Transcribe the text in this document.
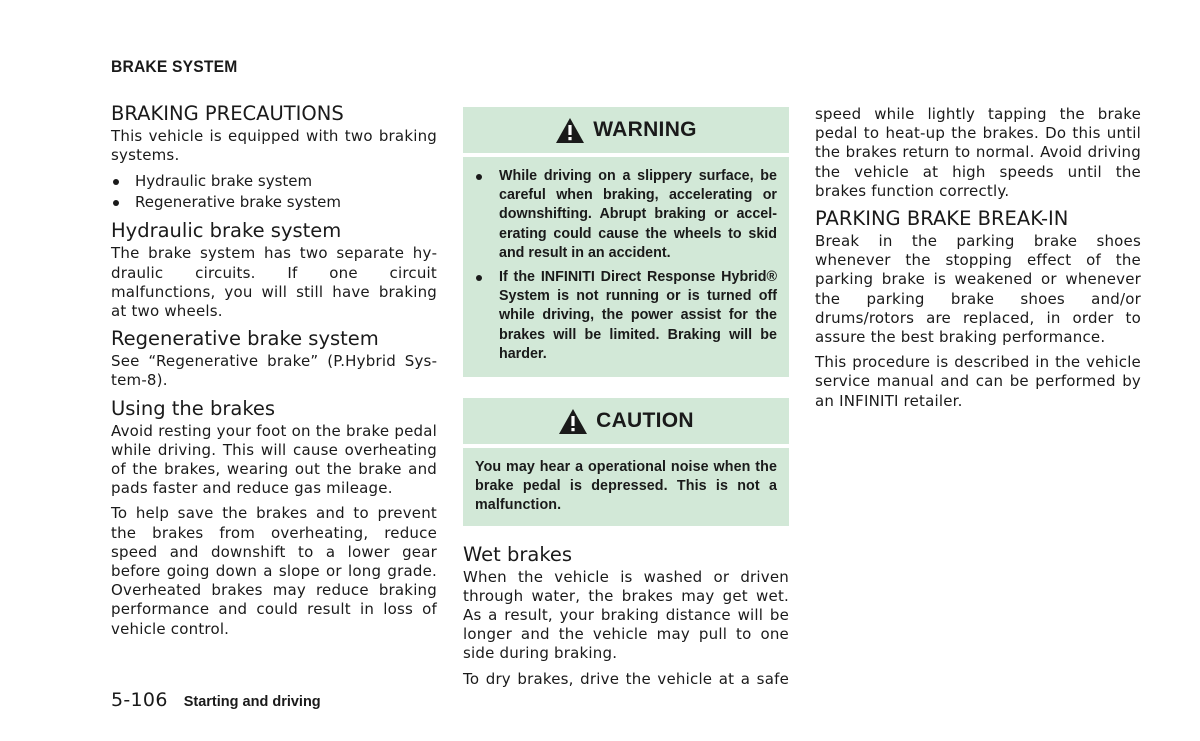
BRAKE SYSTEM
BRAKING PRECAUTIONS

This vehicle is equipped with two braking systems.

Hydraulic brake system
Regenerative brake system
Hydraulic brake system

The brake system has two separate hydraulic circuits. If one circuit malfunctions, you will still have braking at two wheels.

Regenerative brake system

See “Regenerative brake” (P.Hybrid System-8).

Using the brakes

Avoid resting your foot on the brake pedal while driving. This will cause overheating of the brakes, wearing out the brake and pads faster and reduce gas mileage.

To help save the brakes and to prevent the brakes from overheating, reduce speed and downshift to a lower gear before going down a slope or long grade. Overheated brakes may reduce braking performance and could result in loss of vehicle control.

WARNING
While driving on a slippery surface, be careful when braking, accelerating or downshifting. Abrupt braking or accelerating could cause the wheels to skid and result in an accident.
If the INFINITI Direct Response Hybrid® System is not running or is turned off while driving, the power assist for the brakes will be limited. Braking will be harder.
CAUTION

You may hear a operational noise when the brake pedal is depressed. This is not a malfunction.

Wet brakes

When the vehicle is washed or driven through water, the brakes may get wet. As a result, your braking distance will be longer and the vehicle may pull to one side during braking.

To dry brakes, drive the vehicle at a safe

speed while lightly tapping the brake pedal to heat-up the brakes. Do this until the brakes return to normal. Avoid driving the vehicle at high speeds until the brakes function correctly.

PARKING BRAKE BREAK-IN

Break in the parking brake shoes whenever the stopping effect of the parking brake is weakened or whenever the parking brake shoes and/or drums/rotors are replaced, in order to assure the best braking performance.

This procedure is described in the vehicle service manual and can be performed by an INFINITI retailer.

5-106 Starting and driving
